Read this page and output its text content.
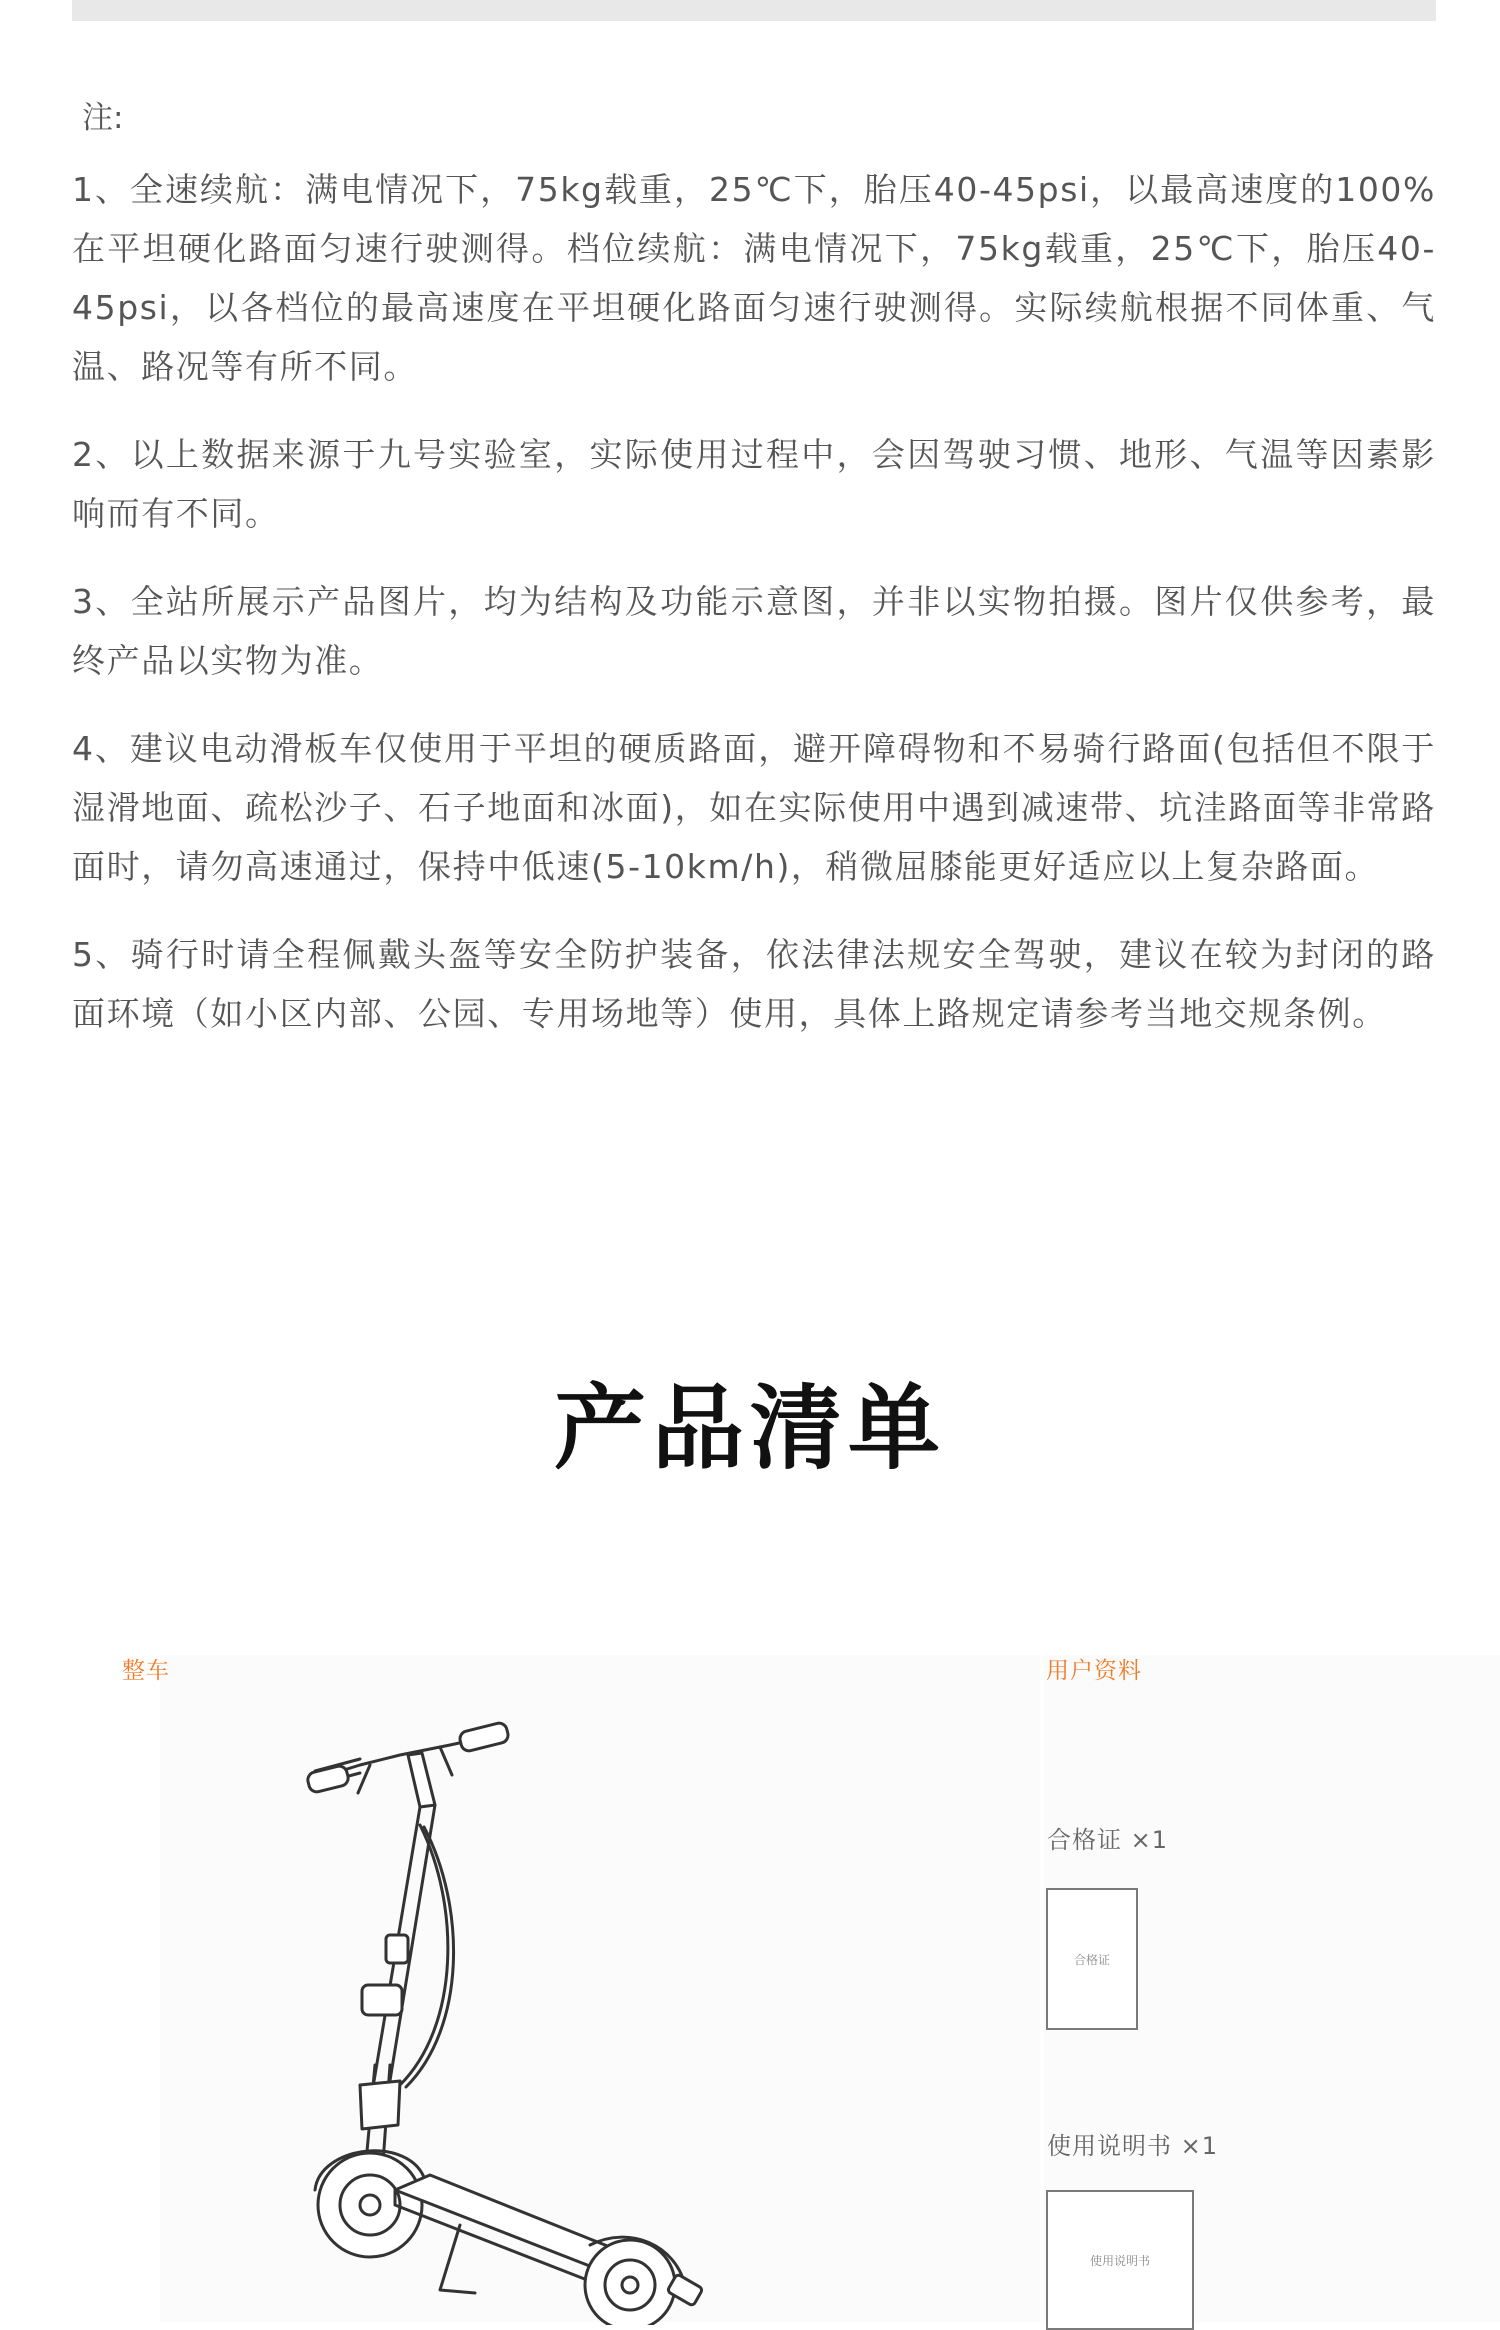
注:

1、全速续航：满电情况下，75kg载重，25℃下，胎压40-45psi，以最高速度的100%在平坦硬化路面匀速行驶测得。档位续航：满电情况下，75kg载重，25℃下，胎压40-45psi，以各档位的最高速度在平坦硬化路面匀速行驶测得。实际续航根据不同体重、气温、路况等有所不同。

2、以上数据来源于九号实验室，实际使用过程中，会因驾驶习惯、地形、气温等因素影响而有不同。

3、全站所展示产品图片，均为结构及功能示意图，并非以实物拍摄。图片仅供参考，最终产品以实物为准。

4、建议电动滑板车仅使用于平坦的硬质路面，避开障碍物和不易骑行路面(包括但不限于湿滑地面、疏松沙子、石子地面和冰面)，如在实际使用中遇到减速带、坑洼路面等非常路面时，请勿高速通过，保持中低速(5-10km/h)，稍微屈膝能更好适应以上复杂路面。

5、骑行时请全程佩戴头盔等安全防护装备，依法律法规安全驾驶，建议在较为封闭的路面环境（如小区内部、公园、专用场地等）使用，具体上路规定请参考当地交规条例。

产品清单
整车	用户资料
合格证 ×1
合格证
使用说明书 ×1
使用说明书
